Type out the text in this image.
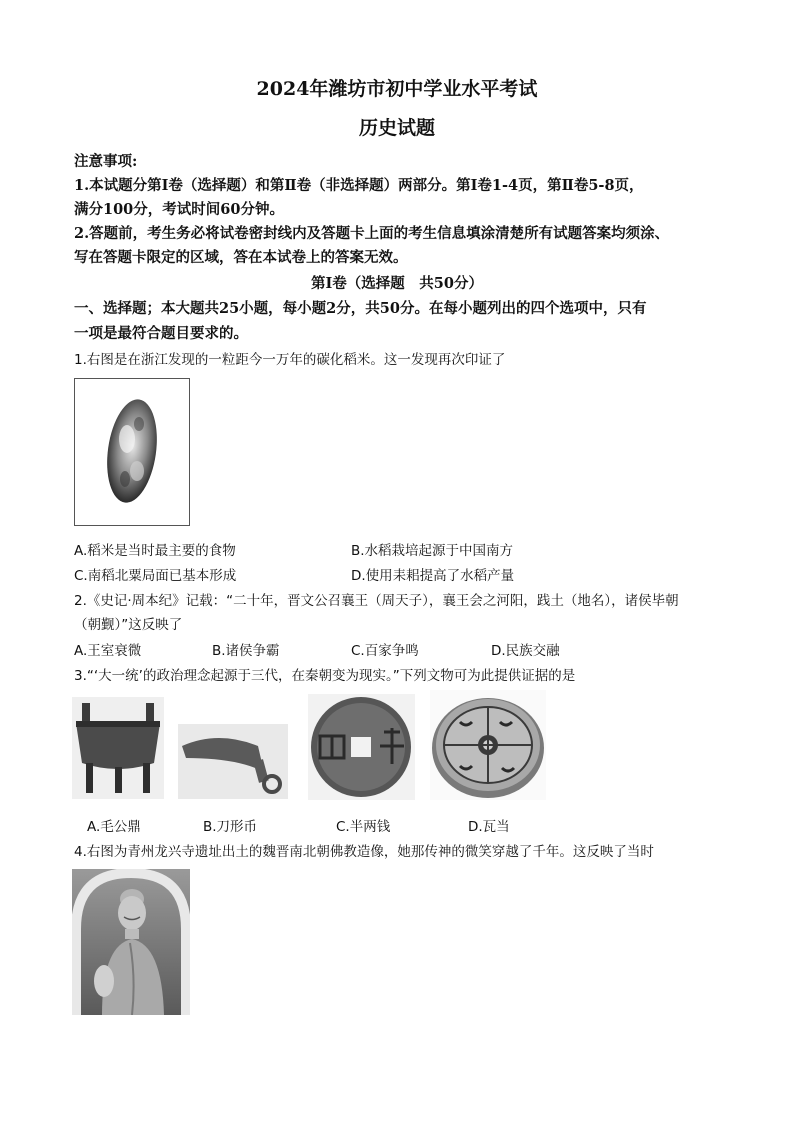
2024年潍坊市初中学业水平考试
历史试题
注意事项:
1.本试题分第Ⅰ卷（选择题）和第Ⅱ卷（非选择题）两部分。第Ⅰ卷1-4页，第Ⅱ卷5-8页，
满分100分，考试时间60分钟。
2.答题前，考生务必将试卷密封线内及答题卡上面的考生信息填涂清楚所有试题答案均须涂、
写在答题卡限定的区域，答在本试卷上的答案无效。
第Ⅰ卷（选择题　共50分）
一、选择题；本大题共25小题，每小题2分，共50分。在每小题列出的四个选项中，只有
一项是最符合题目要求的。
1.右图是在浙江发现的一粒距今一万年的碳化稻米。这一发现再次印证了
A.稻米是当时最主要的食物	B.水稻栽培起源于中国南方
C.南稻北粟局面已基本形成	D.使用耒耜提高了水稻产量
2.《史记·周本纪》记载：“二十年，晋文公召襄王（周天子），襄王会之河阳，践土（地名），诸侯毕朝
（朝觐）”这反映了
A.王室衰微	B.诸侯争霸	C.百家争鸣	D.民族交融
3.“‘大一统’的政治理念起源于三代，在秦朝变为现实。”下列文物可为此提供证据的是
A.毛公鼎	B.刀形币	C.半两钱	D.瓦当
4.右图为青州龙兴寺遗址出土的魏晋南北朝佛教造像，她那传神的微笑穿越了千年。这反映了当时
